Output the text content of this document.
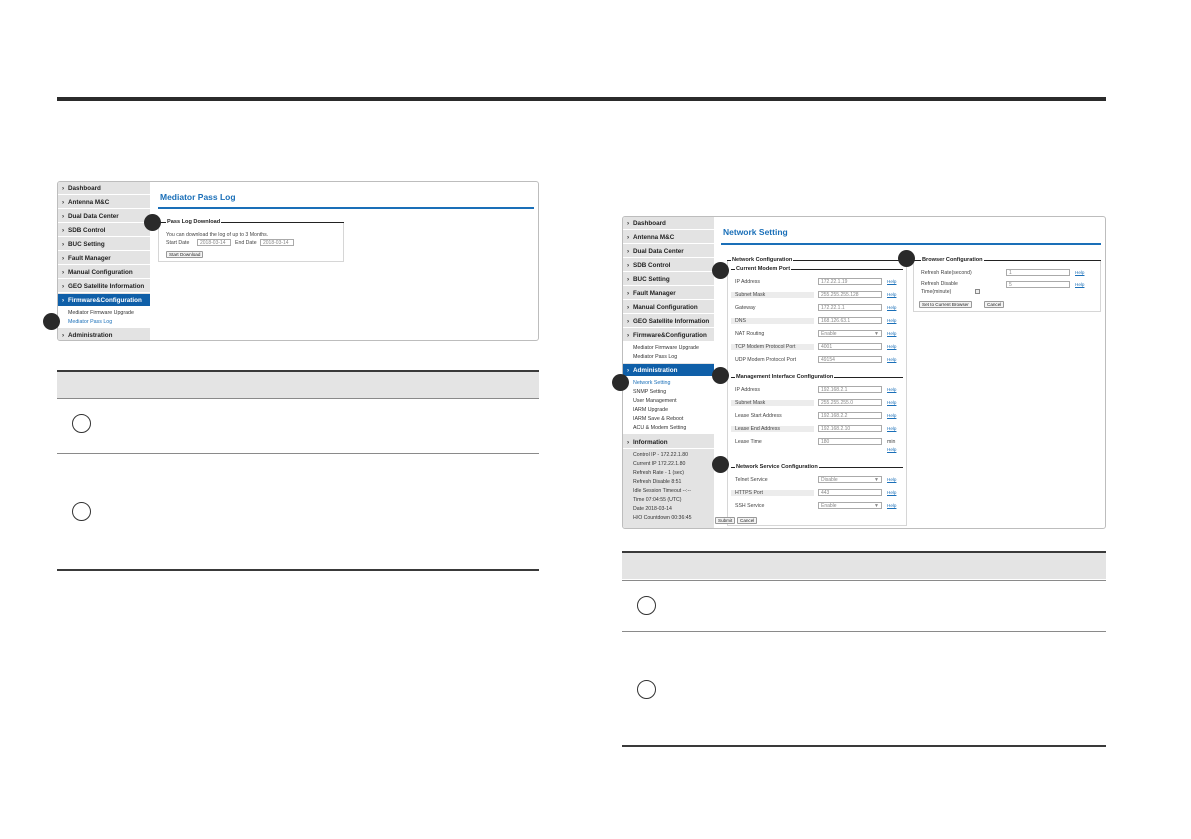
› Dashboard
› Antenna M&C
› Dual Data Center
› SDB Control
› BUC Setting
› Fault Manager
› Manual Configuration
› GEO Satellite Information
› Firmware&Configuration
Mediator Firmware Upgrade
Mediator Pass Log
› Administration
Mediator Pass Log
Pass Log Download
You can download the log of up to 3 Months.
Start Date	2018-03-14	End Date	2018-03-14
Start Download
› Dashboard
› Antenna M&C
› Dual Data Center
› SDB Control
› BUC Setting
› Fault Manager
› Manual Configuration
› GEO Satellite Information
› Firmware&Configuration
Mediator Firmware Upgrade
Mediator Pass Log
› Administration
Network Setting
SNMP Setting
User Management
IARM Upgrade
IARM Save & Reboot
ACU & Modem Setting
› Information
Control IP - 172.22.1.80
Current IP 172.22.1.80
Refresh Rate - 1 (sec)
Refresh Disable 8:51
Idle Session Timeout --:--
Time 07:04:55 (UTC)
Date 2018-03-14
H/O Countdown 00:36:45
Network Setting
Network Configuration
Current Modem Port
IP Address	172.22.1.19	Help
Subnet Mask	255.255.255.128	Help
Gateway	172.22.1.1	Help
DNS	168.126.63.1	Help
NAT Routing	Enable	▼ Help
TCP Modem Protocol Port	4001	Help
UDP Modem Protocol Port	49154	Help
Management Interface Configuration
IP Address	192.168.2.1	Help
Subnet Mask	255.255.255.0	Help
Lease Start Address	192.168.2.2	Help
Lease End Address	192.168.2.10	Help
Lease Time	180	min
Help
Network Service Configuration
Telnet Service	Disable	▼ Help
HTTPS Port	443	Help
SSH Service	Enable	▼ Help
Submit	Cancel
Browser Configuration
Refresh Rate(second)	1	Help
Refresh Disable
Time(minute)
5	Help
Set to Current Browser	Cancel
